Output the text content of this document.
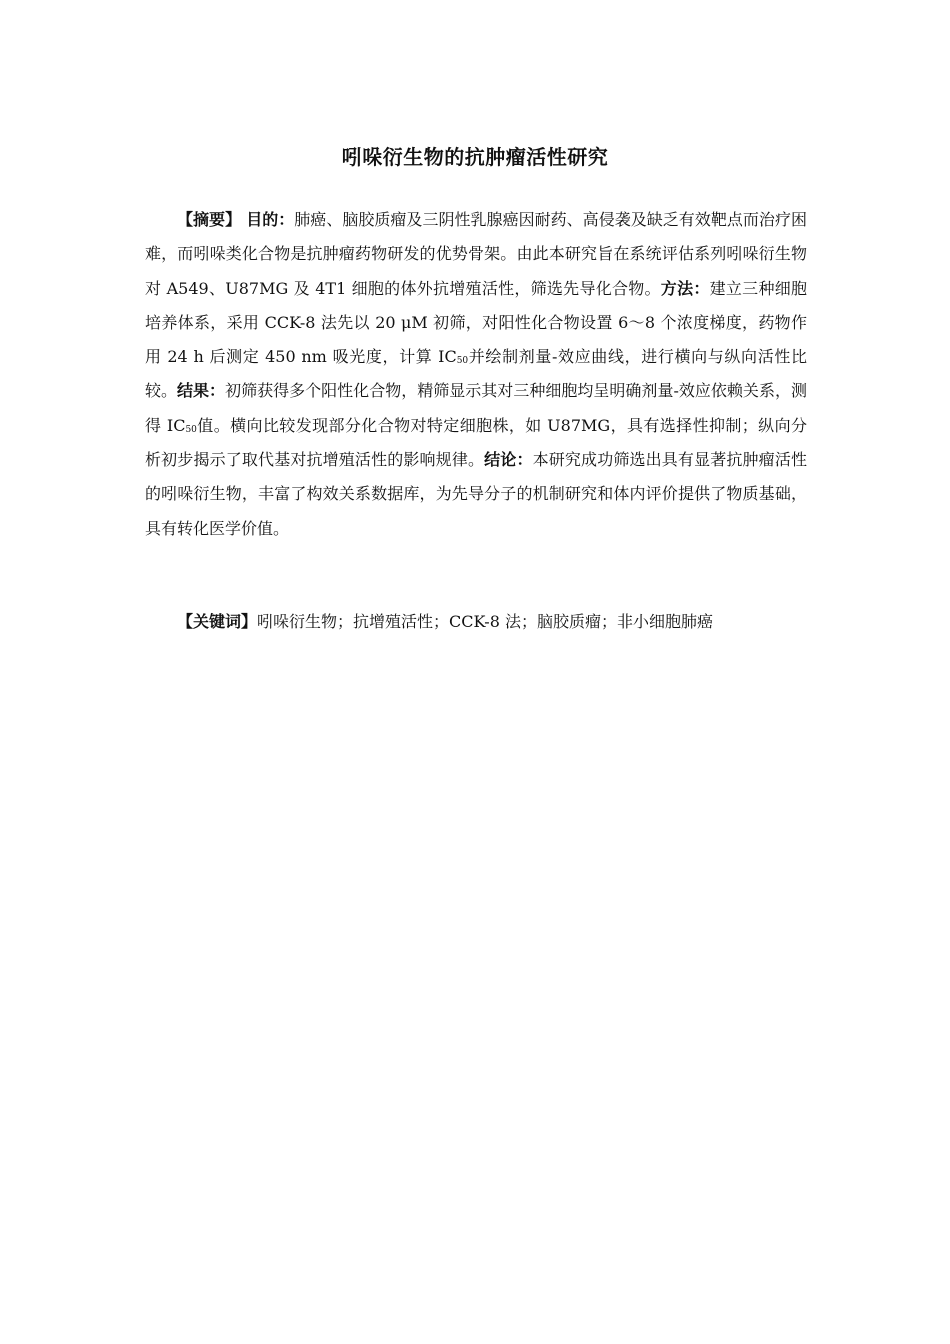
吲哚衍生物的抗肿瘤活性研究

【摘要】 目的：肺癌、脑胶质瘤及三阴性乳腺癌因耐药、高侵袭及缺乏有效靶点而治疗困难，而吲哚类化合物是抗肿瘤药物研发的优势骨架。由此本研究旨在系统评估系列吲哚衍生物对 A549、U87MG 及 4T1 细胞的体外抗增殖活性，筛选先导化合物。方法：建立三种细胞培养体系，采用 CCK-8 法先以 20 μM 初筛，对阳性化合物设置 6～8 个浓度梯度，药物作用 24 h 后测定 450 nm 吸光度，计算 $IC_{50}$并绘制剂量-效应曲线，进行横向与纵向活性比较。结果：初筛获得多个阳性化合物，精筛显示其对三种细胞均呈明确剂量-效应依赖关系，测得 $IC_{50}$值。横向比较发现部分化合物对特定细胞株，如 U87MG，具有选择性抑制；纵向分析初步揭示了取代基对抗增殖活性的影响规律。结论：本研究成功筛选出具有显著抗肿瘤活性的吲哚衍生物，丰富了构效关系数据库，为先导分子的机制研究和体内评价提供了物质基础，具有转化医学价值。

【关键词】吲哚衍生物；抗增殖活性；CCK-8 法；脑胶质瘤；非小细胞肺癌
